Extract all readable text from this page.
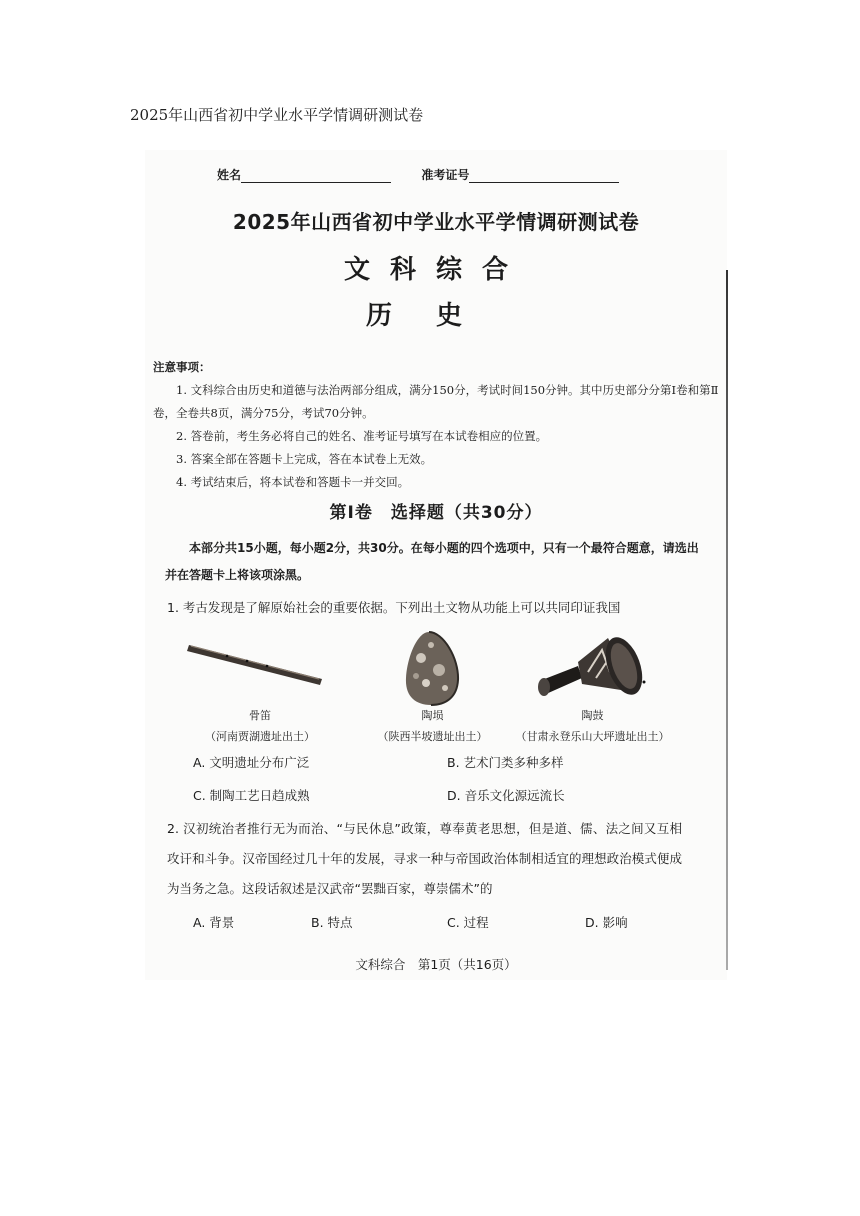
2025年山西省初中学业水平学情调研测试卷
姓名	准考证号
2025年山西省初中学业水平学情调研测试卷
文科综合
历史
注意事项：
1. 文科综合由历史和道德与法治两部分组成，满分150分，考试时间150分钟。其中历史部分分第Ⅰ卷和第Ⅱ卷，全卷共8页，满分75分，考试70分钟。
2. 答卷前，考生务必将自己的姓名、准考证号填写在本试卷相应的位置。
3. 答案全部在答题卡上完成，答在本试卷上无效。
4. 考试结束后，将本试卷和答题卡一并交回。
第Ⅰ卷　选择题（共30分）
本部分共15小题，每小题2分，共30分。在每小题的四个选项中，只有一个最符合题意，请选出并在答题卡上将该项涂黑。
1. 考古发现是了解原始社会的重要依据。下列出土文物从功能上可以共同印证我国
骨笛
（河南贾湖遗址出土）
陶埙
（陕西半坡遗址出土）
陶鼓
（甘肃永登乐山大坪遗址出土）
A. 文明遗址分布广泛	B. 艺术门类多种多样
C. 制陶工艺日趋成熟	D. 音乐文化源远流长
2. 汉初统治者推行无为而治、“与民休息”政策，尊奉黄老思想，但是道、儒、法之间又互相攻讦和斗争。汉帝国经过几十年的发展，寻求一种与帝国政治体制相适宜的理想政治模式便成为当务之急。这段话叙述是汉武帝“罢黜百家，尊崇儒术”的
A. 背景	B. 特点	C. 过程	D. 影响
文科综合　第1页（共16页）
